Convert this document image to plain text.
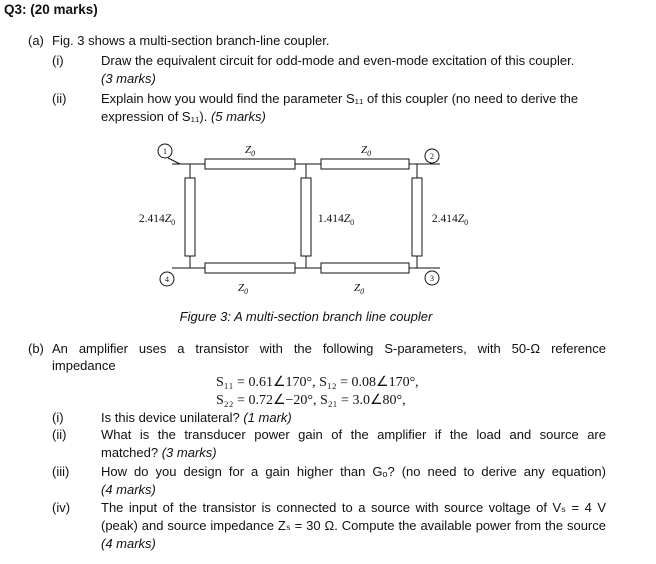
Q3: (20 marks)
(a) Fig. 3 shows a multi-section branch-line coupler.
(i)	Draw the equivalent circuit for odd-mode and even-mode excitation of this coupler.
(3 marks)
(ii)	Explain how you would find the parameter S₁₁ of this coupler (no need to derive the
expression of S₁₁). (5 marks)
1
2
3
4
$Z_0$	$Z_0$
$Z_0$	$Z_0$
$2.414Z_0$	$1.414Z_0$	$2.414Z_0$
Figure 3: A multi-section branch line coupler
(b) An amplifier uses a transistor with the following S-parameters, with 50-Ω reference
impedance
S₁₁ = 0.61∠170°, S₁₂ = 0.08∠170°,
S₂₂ = 0.72∠−20°, S₂₁ = 3.0∠80°,
(i)	Is this device unilateral? (1 mark)
(ii)	What is the transducer power gain of the amplifier if the load and source are
matched? (3 marks)
(iii)	How do you design for a gain higher than Gₒ? (no need to derive any equation)
(4 marks)
(iv)	The input of the transistor is connected to a source with source voltage of Vₛ = 4 V
(peak) and source impedance Zₛ = 30 Ω. Compute the available power from the source
(4 marks)
